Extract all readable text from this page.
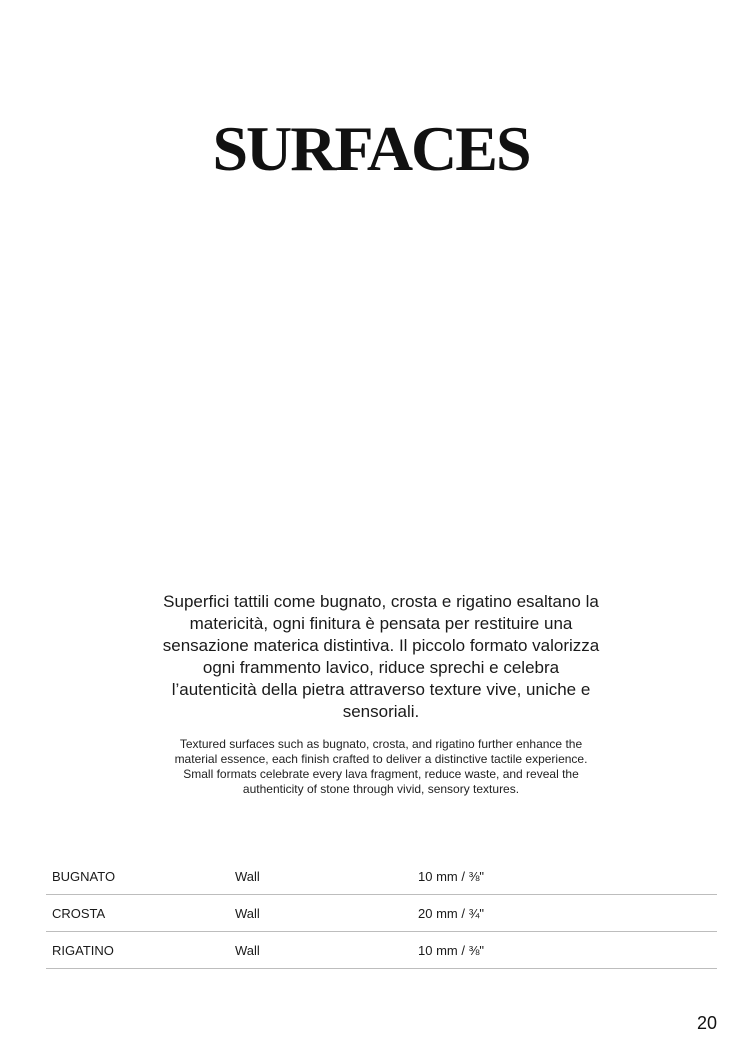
SURFACES

Superfici tattili come bugnato, crosta e rigatino esaltano la matericità, ogni finitura è pensata per restituire una sensazione materica distintiva. Il piccolo formato valorizza ogni frammento lavico, riduce sprechi e celebra l’autenticità della pietra attraverso texture vive, uniche e sensoriali.

Textured surfaces such as bugnato, crosta, and rigatino further enhance the material essence, each finish crafted to deliver a distinctive tactile experience. Small formats celebrate every lava fragment, reduce waste, and reveal the authenticity of stone through vivid, sensory textures.

BUGNATO	Wall	10 mm / ⅜"
CROSTA	Wall	20 mm / ¾"
RIGATINO	Wall	10 mm / ⅜"
20
